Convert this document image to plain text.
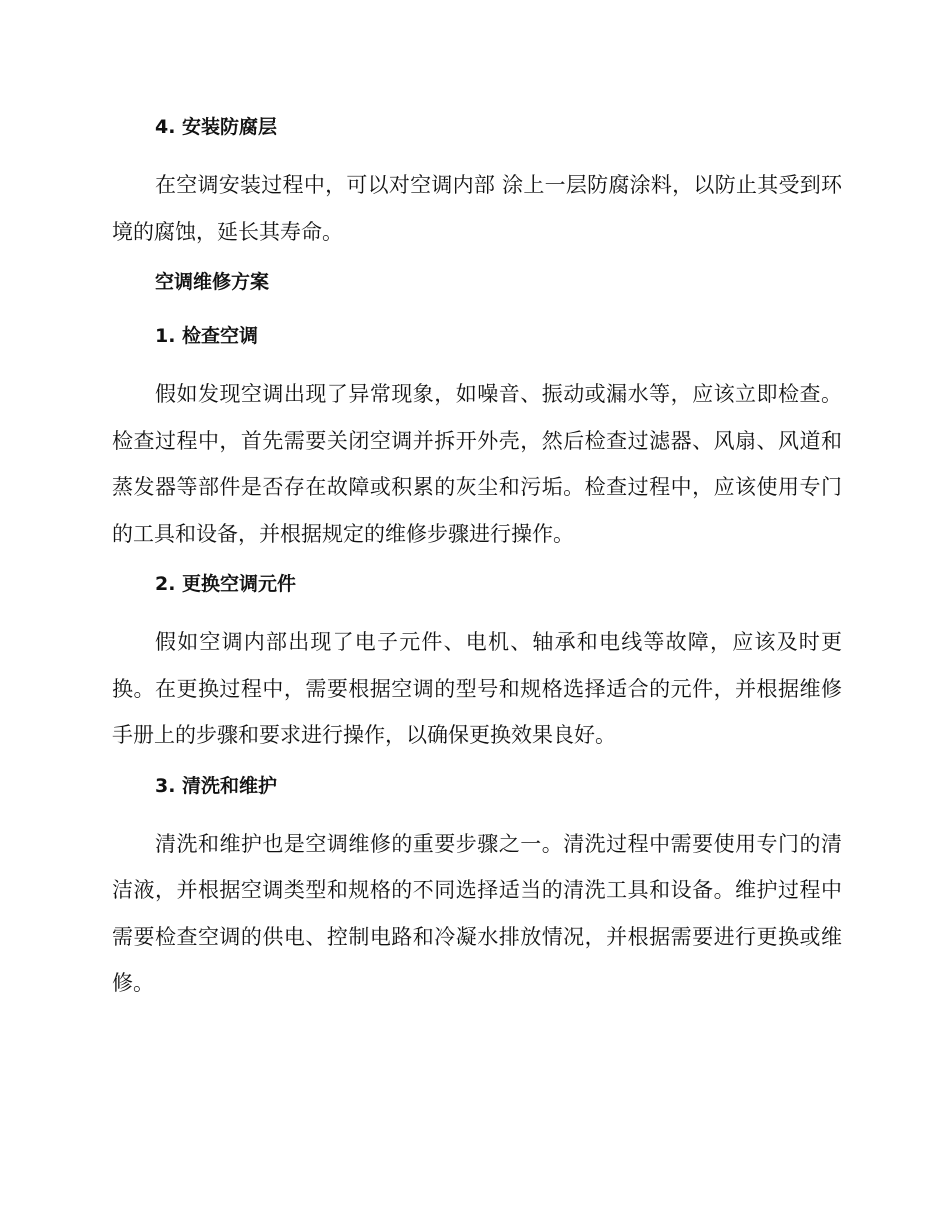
4. 安装防腐层

在空调安装过程中，可以对空调内部 涂上一层防腐涂料，以防止其受到环境的腐蚀，延长其寿命。

空调维修方案
1. 检查空调

假如发现空调出现了异常现象，如噪音、振动或漏水等，应该立即检查。检查过程中，首先需要关闭空调并拆开外壳，然后检查过滤器、风扇、风道和蒸发器等部件是否存在故障或积累的灰尘和污垢。检查过程中，应该使用专门的工具和设备，并根据规定的维修步骤进行操作。

2. 更换空调元件

假如空调内部出现了电子元件、电机、轴承和电线等故障，应该及时更换。在更换过程中，需要根据空调的型号和规格选择适合的元件，并根据维修手册上的步骤和要求进行操作，以确保更换效果良好。

3. 清洗和维护

清洗和维护也是空调维修的重要步骤之一。清洗过程中需要使用专门的清洁液，并根据空调类型和规格的不同选择适当的清洗工具和设备。维护过程中需要检查空调的供电、控制电路和冷凝水排放情况，并根据需要进行更换或维修。
